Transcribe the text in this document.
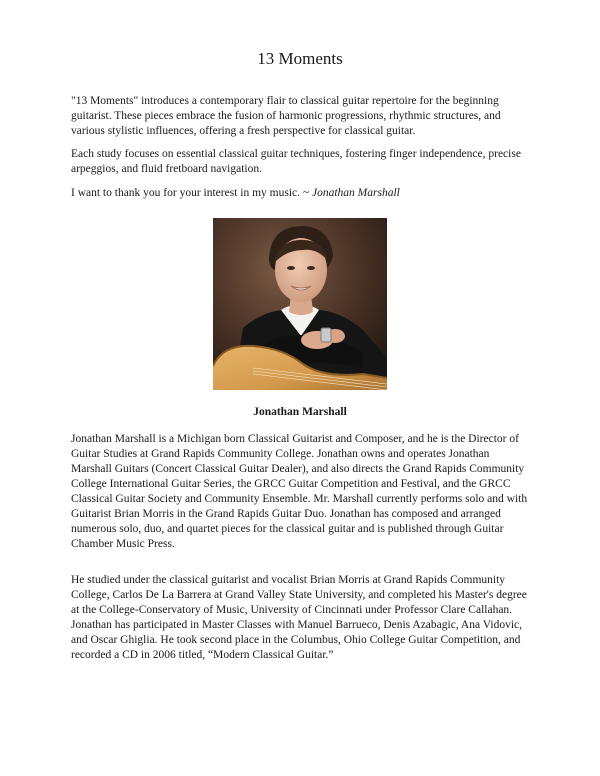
13 Moments

"13 Moments" introduces a contemporary flair to classical guitar repertoire for the beginning guitarist. These pieces embrace the fusion of harmonic progressions, rhythmic structures, and various stylistic influences, offering a fresh perspective for classical guitar.

Each study focuses on essential classical guitar techniques, fostering finger independence, precise arpeggios, and fluid fretboard navigation.

I want to thank you for your interest in my music. ~ Jonathan Marshall

Jonathan Marshall

Jonathan Marshall is a Michigan born Classical Guitarist and Composer, and he is the Director of Guitar Studies at Grand Rapids Community College. Jonathan owns and operates Jonathan Marshall Guitars (Concert Classical Guitar Dealer), and also directs the Grand Rapids Community College International Guitar Series, the GRCC Guitar Competition and Festival, and the GRCC Classical Guitar Society and Community Ensemble. Mr. Marshall currently performs solo and with Guitarist Brian Morris in the Grand Rapids Guitar Duo. Jonathan has composed and arranged numerous solo, duo, and quartet pieces for the classical guitar and is published through Guitar Chamber Music Press.

He studied under the classical guitarist and vocalist Brian Morris at Grand Rapids Community College, Carlos De La Barrera at Grand Valley State University, and completed his Master's degree at the College-Conservatory of Music, University of Cincinnati under Professor Clare Callahan. Jonathan has participated in Master Classes with Manuel Barrueco, Denis Azabagic, Ana Vidovic, and Oscar Ghiglia. He took second place in the Columbus, Ohio College Guitar Competition, and recorded a CD in 2006 titled, “Modern Classical Guitar.”
